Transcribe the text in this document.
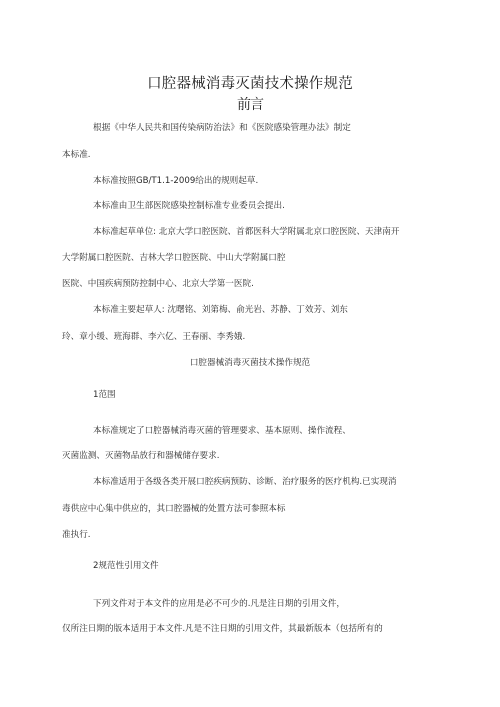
口腔器械消毒灭菌技术操作规范
前言
根据《中华人民共和国传染病防治法》和《医院感染管理办法》制定
本标准.
本标准按照GB/T1.1-2009给出的规则起草.
本标准由卫生部医院感染控制标准专业委员会提出.
本标准起草单位: 北京大学口腔医院、首都医科大学附属北京口腔医院、天津南开
大学附属口腔医院、吉林大学口腔医院、中山大学附属口腔
医院、中国疾病预防控制中心、北京大学第一医院.
本标准主要起草人: 沈曙铭、刘第梅、俞光岩、苏静、丁效芳、刘东
玲、章小缓、班海群、李六亿、王春丽、李秀娥.
口腔器械消毒灭菌技术操作规范
1范围
本标准规定了口腔器械消毒灭菌的管理要求、基本原则、操作流程、
灭菌监测、灭菌物品放行和器械储存要求.
本标准适用于各级各类开展口腔疾病预防、诊断、治疗服务的医疗机构.已实现消
毒供应中心集中供应的，其口腔器械的处置方法可参照本标
准执行.
2规范性引用文件
下列文件对于本文件的应用是必不可少的.凡是注日期的引用文件，
仅所注日期的版本适用于本文件.凡是不注日期的引用文件，其最新版本（包括所有的
